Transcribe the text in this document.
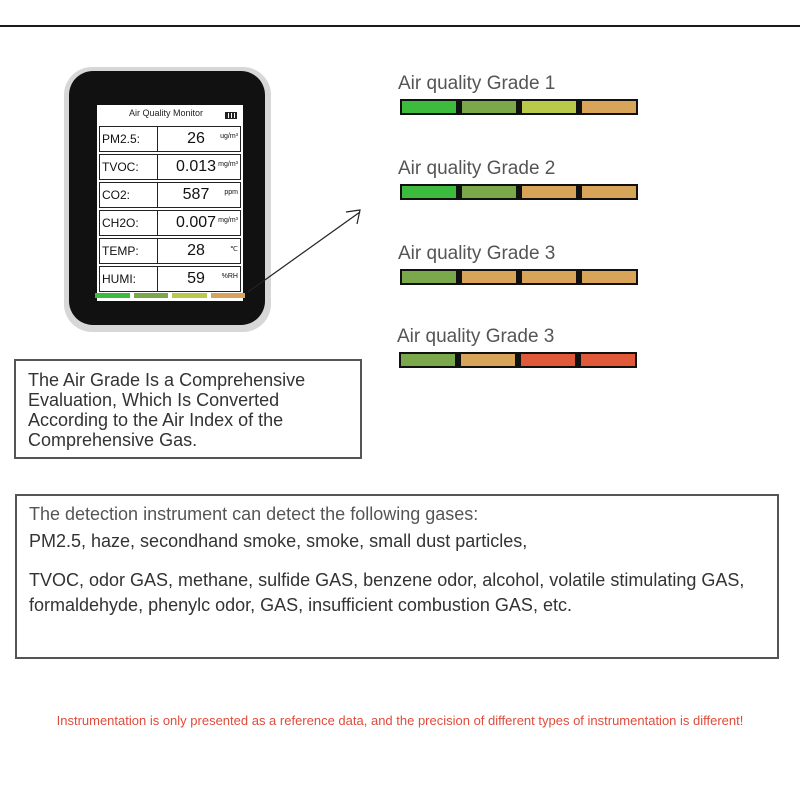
Air Quality Monitor
PM2.5:	26	ug/m³
TVOC:	0.013 mg/m³
CO2:	587	ppm
CH2O:	0.007 mg/m³
TEMP:	28	℃
HUMI:	59	%RH
Air quality Grade 1
Air quality Grade 2
Air quality Grade 3
Air quality Grade 3
The Air Grade Is a Comprehensive Evaluation, Which Is Converted According to the Air Index of the Comprehensive Gas.
The detection instrument can detect the following gases:
PM2.5, haze, secondhand smoke, smoke, small dust particles,
TVOC, odor GAS, methane, sulfide GAS, benzene odor, alcohol, volatile stimulating GAS, formaldehyde, phenylc odor, GAS, insufficient combustion GAS, etc.
Instrumentation is only presented as a reference data, and the precision of different types of instrumentation is different!
